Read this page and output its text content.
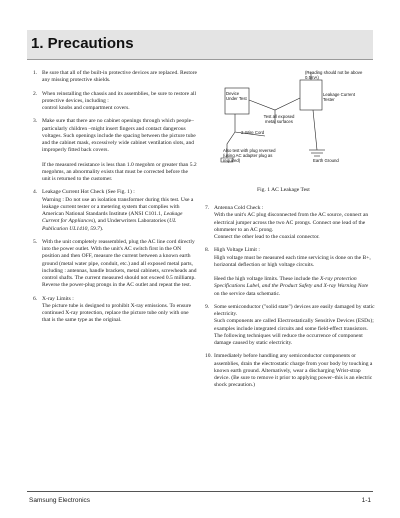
1. Precautions
1. Be sure that all of the built-in protective devices are replaced. Restore any missing protective shields.

2. When reinstalling the chassis and its assemblies, be sure to restore all protective devices, including :

control knobs and compartment covers.

3. Make sure that there are no cabinet openings through which people–particularly children –might insert fingers and contact dangerous voltages. Such openings include the spacing between the picture tube and the cabinet mask, excessively wide cabinet ventilation slots, and improperly fitted back covers.

If the measured resistance is less than 1.0 megohm or greater than 5.2 megohms, an abnormality exists that must be corrected before the unit is returned to the customer.

4. Leakage Current Hot Check (See Fig. 1) :

Warning : Do not use an isolation transformer during this test. Use a leakage current tester or a metering system that complies with American National Standards Institute (ANSI C101.1, Leakage Current for Appliances), and Underwriters Laboratories (UL Publication UL1410, 59.7).

5. With the unit completely reassembled, plug the AC line cord directly into the power outlet. With the unit's AC switch first in the ON position and then OFF, measure the current between a known earth ground (metal water pipe, conduit, etc.) and all exposed metal parts, including : antennas, handle brackets, metal cabinets, screwheads and control shafts. The current measured should not exceed 0.5 milliamp. Reverse the power-plug prongs in the AC outlet and repeat the test.

6. X-ray Limits :

The picture tube is designed to prohibit X-ray emissions. To ensure continued X-ray protection, replace the picture tube only with one that is the same type as the original.

Device Under Test
(Reading should not be above 0.5mA)
Leakage Current Tester
Test all exposed metal surfaces
2-Wire Cord
Also test with plug reversed (using AC adapter plug as required)	Earth Ground
Fig. 1 AC Leakage Test
7. Antenna Cold Check :

With the unit's AC plug disconnected from the AC source, connect an electrical jumper across the two AC prongs. Connect one lead of the ohmmeter to an AC prong.

Connect the other lead to the coaxial connector.

8. High Voltage Limit :

High voltage must be measured each time servicing is done on the B+, horizontal deflection or high voltage circuits.

Heed the high voltage limits. These include the X-ray protection Specifications Label, and the Product Safety and X-ray Warning Note on the service data schematic.

9. Some semiconductor ("solid state") devices are easily damaged by static electricity.

Such components are called Electrostatically Sensitive Devices (ESDs); examples include integrated circuits and some field-effect transistors.

The following techniques will reduce the occurrence of component damage caused by static electricity.

10. Immediately before handling any semiconductor components or assemblies, drain the electrostatic charge from your body by touching a known earth ground. Alternatively, wear a discharging Wrist-strap device. (Be sure to remove it prior to applying power–this is an electric shock precaution.)

Samsung Electronics	1-1
